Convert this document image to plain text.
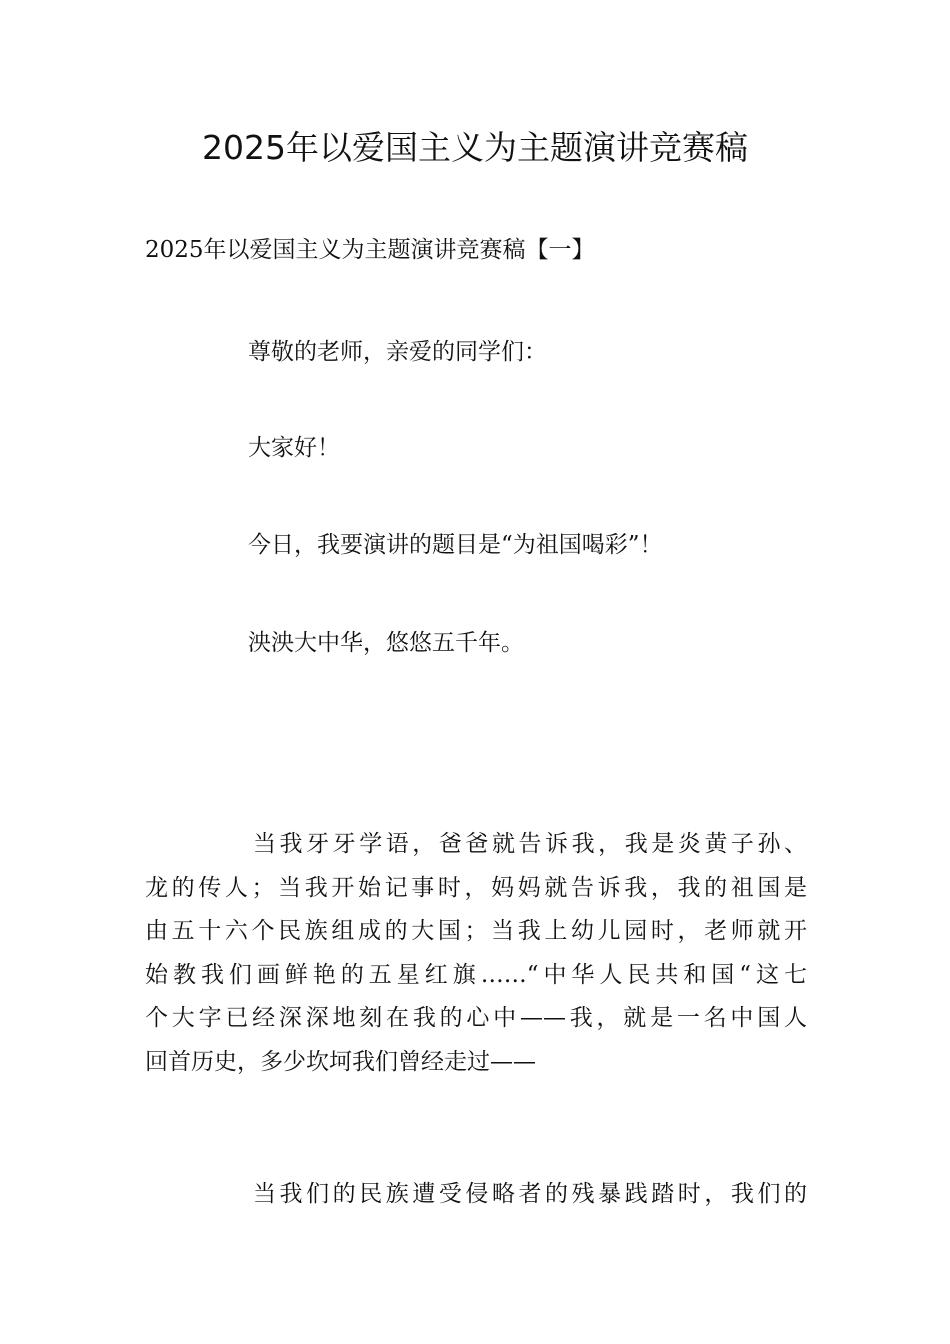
2025年以爱国主义为主题演讲竞赛稿
2025年以爱国主义为主题演讲竞赛稿【一】
尊敬的老师，亲爱的同学们：
大家好！
今日，我要演讲的题目是“为祖国喝彩”！
泱泱大中华，悠悠五千年。
当我牙牙学语，爸爸就告诉我，我是炎黄子孙、
龙的传人；当我开始记事时，妈妈就告诉我，我的祖国是
由五十六个民族组成的大国；当我上幼儿园时，老师就开
始教我们画鲜艳的五星红旗……“中华人民共和国“这七
个大字已经深深地刻在我的心中——我，就是一名中国人
回首历史，多少坎坷我们曾经走过——
当我们的民族遭受侵略者的残暴践踏时，我们的
